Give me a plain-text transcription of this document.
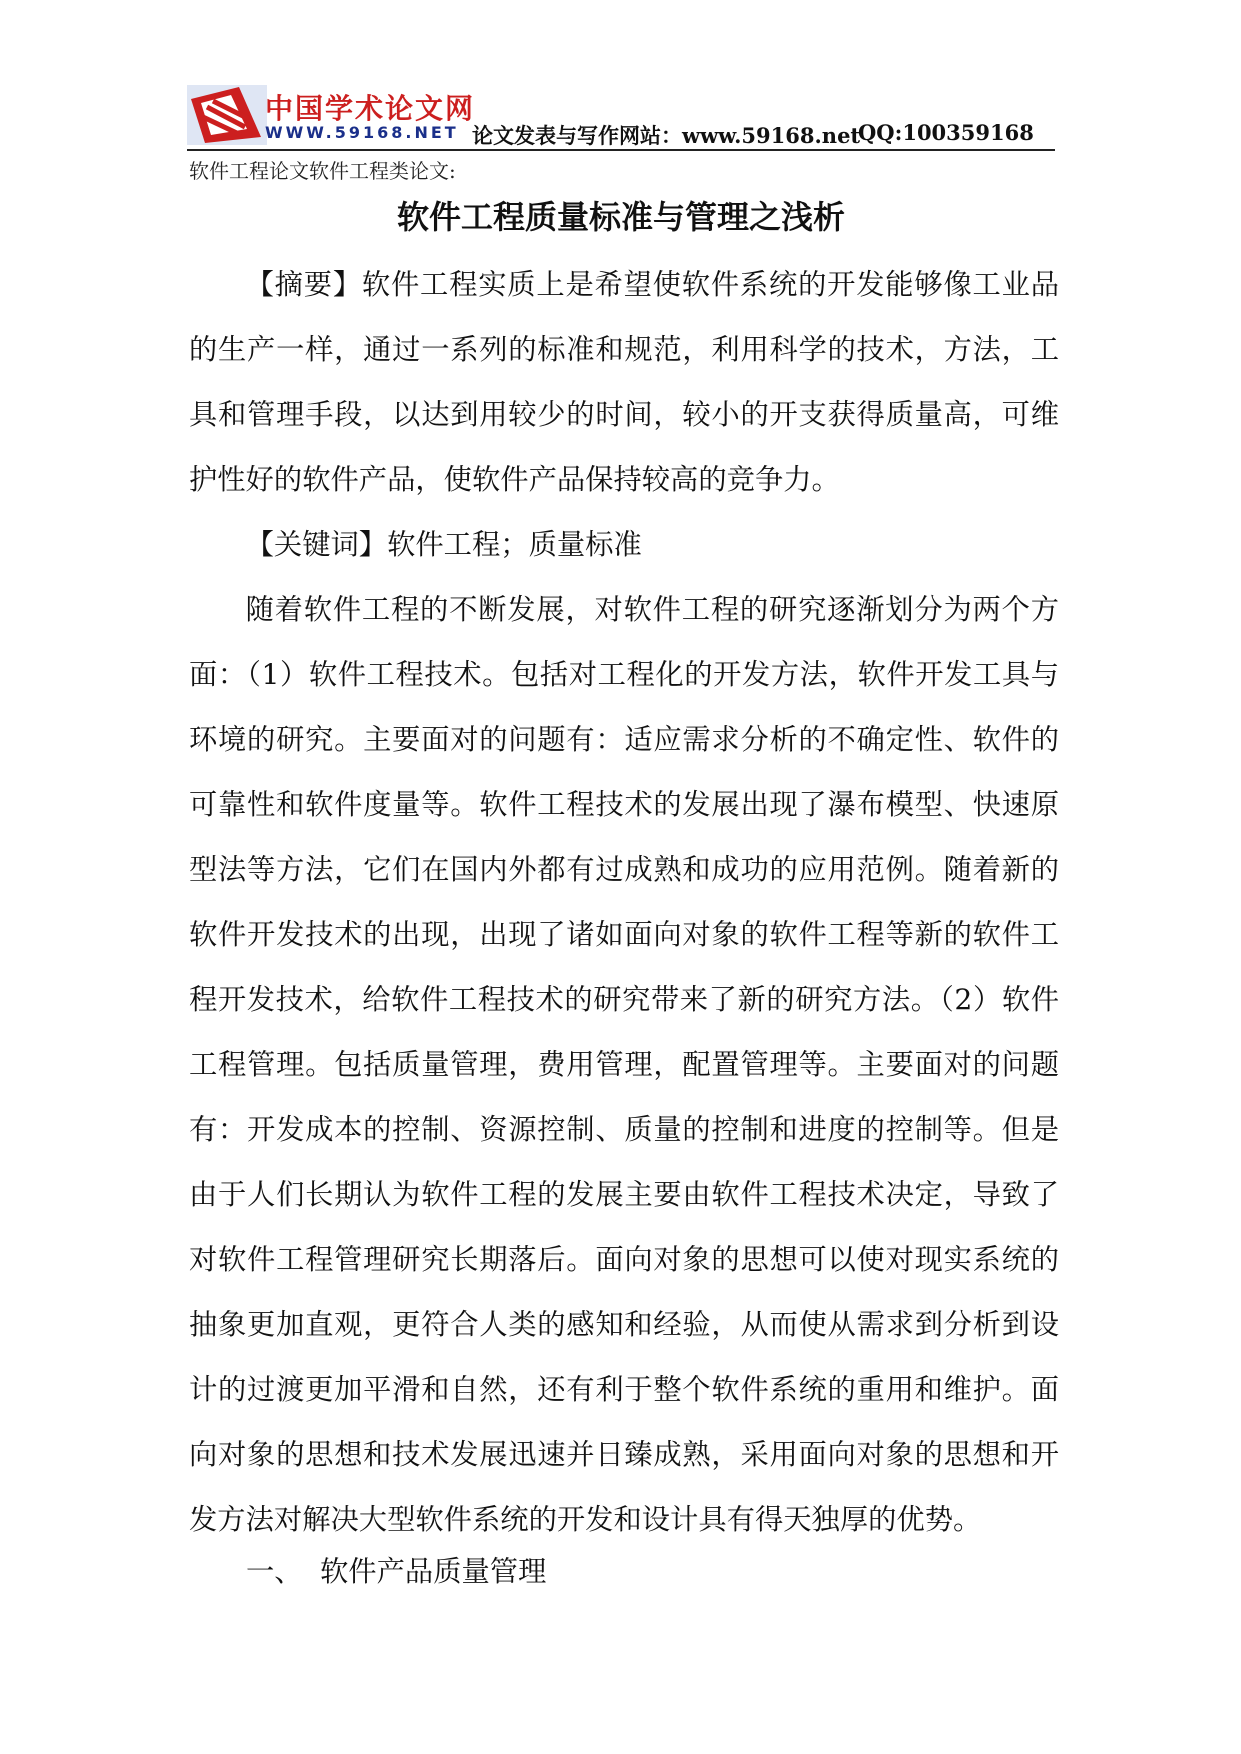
中国学术论文网
WWW.59168.NET 论文发表与写作网站：www.59168.net
QQ:100359168
软件工程论文软件工程类论文:
软件工程质量标准与管理之浅析

【摘要】软件工程实质上是希望使软件系统的开发能够像工业品的生产一样，通过一系列的标准和规范，利用科学的技术，方法，工具和管理手段，以达到用较少的时间，较小的开支获得质量高，可维护性好的软件产品，使软件产品保持较高的竞争力。

【关键词】软件工程；质量标准

随着软件工程的不断发展，对软件工程的研究逐渐划分为两个方面：（1）软件工程技术。包括对工程化的开发方法，软件开发工具与环境的研究。主要面对的问题有：适应需求分析的不确定性、软件的可靠性和软件度量等。软件工程技术的发展出现了瀑布模型、快速原型法等方法，它们在国内外都有过成熟和成功的应用范例。随着新的软件开发技术的出现，出现了诸如面向对象的软件工程等新的软件工程开发技术，给软件工程技术的研究带来了新的研究方法。（2）软件工程管理。包括质量管理，费用管理，配置管理等。主要面对的问题有：开发成本的控制、资源控制、质量的控制和进度的控制等。但是由于人们长期认为软件工程的发展主要由软件工程技术决定，导致了对软件工程管理研究长期落后。面向对象的思想可以使对现实系统的抽象更加直观，更符合人类的感知和经验，从而使从需求到分析到设计的过渡更加平滑和自然，还有利于整个软件系统的重用和维护。面向对象的思想和技术发展迅速并日臻成熟，采用面向对象的思想和开发方法对解决大型软件系统的开发和设计具有得天独厚的优势。

一、 软件产品质量管理
